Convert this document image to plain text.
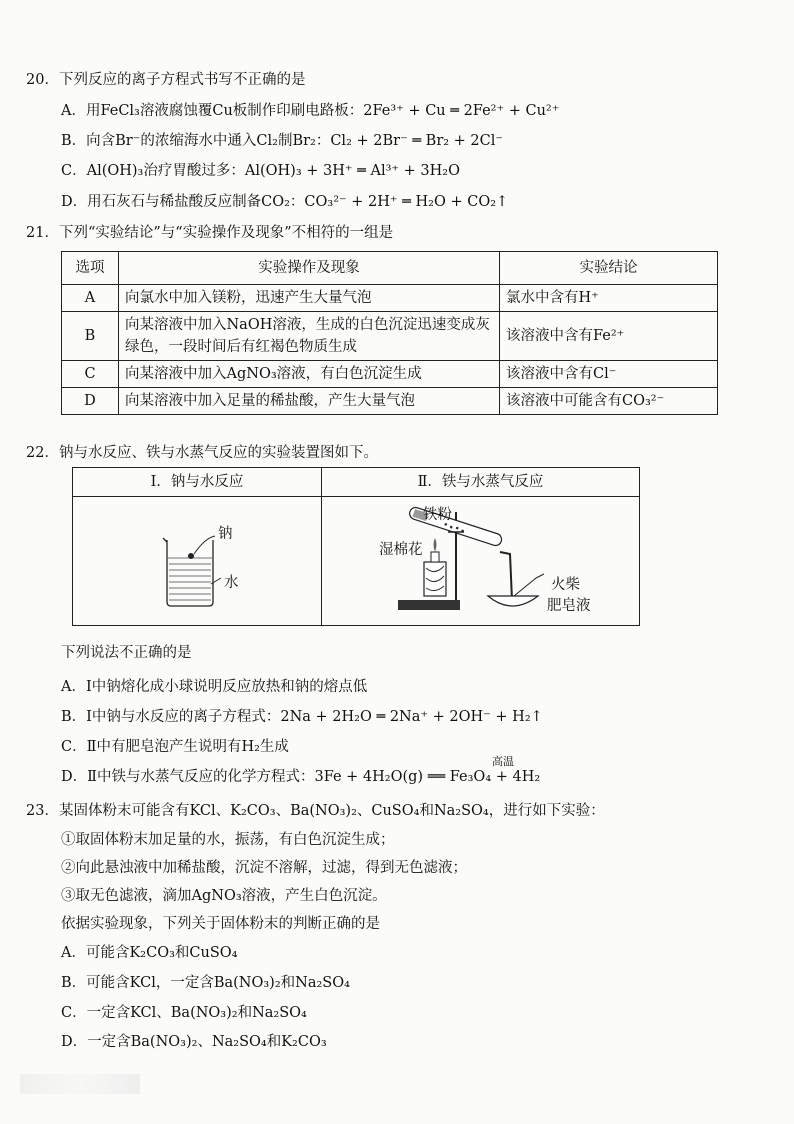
20．下列反应的离子方程式书写不正确的是
A．用FeCl₃溶液腐蚀覆Cu板制作印刷电路板：2Fe³⁺ + Cu ═ 2Fe²⁺ + Cu²⁺
B．向含Br⁻的浓缩海水中通入Cl₂制Br₂：Cl₂ + 2Br⁻ ═ Br₂ + 2Cl⁻
C．Al(OH)₃治疗胃酸过多：Al(OH)₃ + 3H⁺ ═ Al³⁺ + 3H₂O
D．用石灰石与稀盐酸反应制备CO₂：CO₃²⁻ + 2H⁺ ═ H₂O + CO₂↑
21．下列“实验结论”与“实验操作及现象”不相符的一组是
选项	实验操作及现象	实验结论
A	向氯水中加入镁粉，迅速产生大量气泡	氯水中含有H⁺
B	向某溶液中加入NaOH溶液，生成的白色沉淀迅速变成灰绿色，一段时间后有红褐色物质生成	该溶液中含有Fe²⁺
C	向某溶液中加入AgNO₃溶液，有白色沉淀生成	该溶液中含有Cl⁻
D	向某溶液中加入足量的稀盐酸，产生大量气泡	该溶液中可能含有CO₃²⁻
22．钠与水反应、铁与水蒸气反应的实验装置图如下。
Ⅰ．钠与水反应	Ⅱ．铁与水蒸气反应
钠
水
铁粉
湿棉花
火柴
肥皂液
下列说法不正确的是
A．Ⅰ中钠熔化成小球说明反应放热和钠的熔点低
B．Ⅰ中钠与水反应的离子方程式：2Na + 2H₂O ═ 2Na⁺ + 2OH⁻ + H₂↑
C．Ⅱ中有肥皂泡产生说明有H₂生成
D．Ⅱ中铁与水蒸气反应的化学方程式：3Fe + 4H₂O(g) ══ Fe₃O₄ + 4H₂
高温
23．某固体粉末可能含有KCl、K₂CO₃、Ba(NO₃)₂、CuSO₄和Na₂SO₄，进行如下实验：
①取固体粉末加足量的水，振荡，有白色沉淀生成；
②向此悬浊液中加稀盐酸，沉淀不溶解，过滤，得到无色滤液；
③取无色滤液，滴加AgNO₃溶液，产生白色沉淀。
依据实验现象，下列关于固体粉末的判断正确的是
A．可能含K₂CO₃和CuSO₄
B．可能含KCl，一定含Ba(NO₃)₂和Na₂SO₄
C．一定含KCl、Ba(NO₃)₂和Na₂SO₄
D．一定含Ba(NO₃)₂、Na₂SO₄和K₂CO₃
